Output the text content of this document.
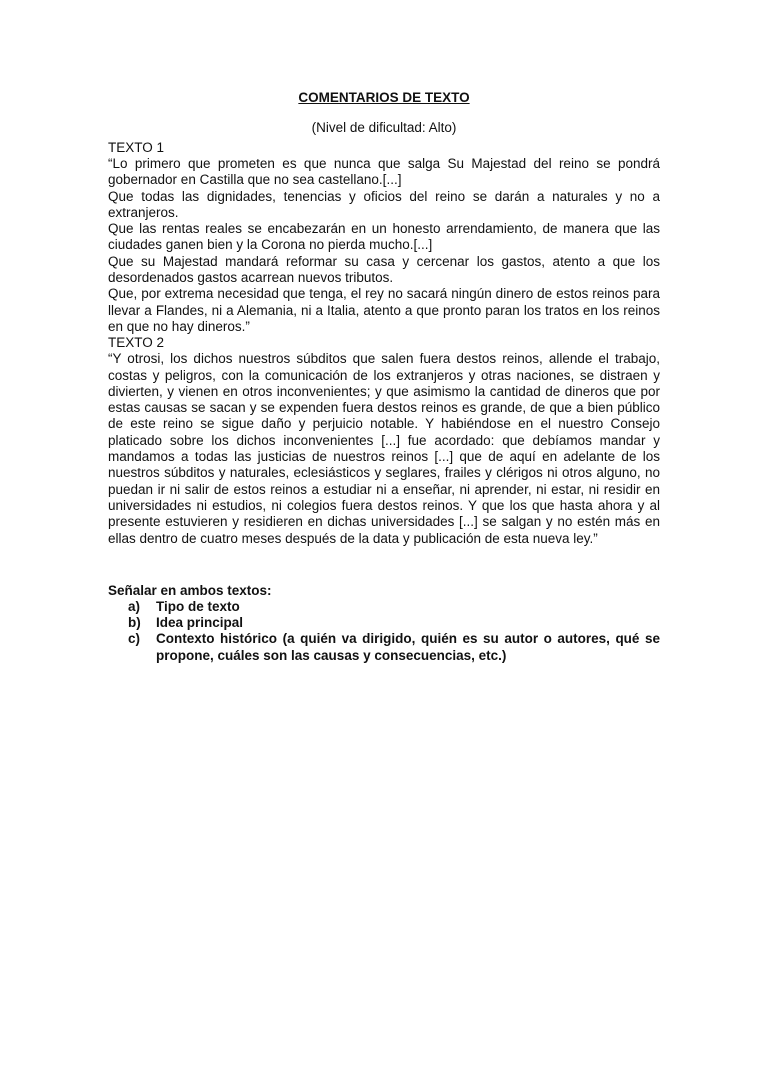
COMENTARIOS DE TEXTO

(Nivel de dificultad: Alto)

TEXTO 1

“Lo primero que prometen es que nunca que salga Su Majestad del reino se pondrá gobernador en Castilla que no sea castellano.[...]

Que todas las dignidades, tenencias y oficios del reino se darán a naturales y no a extranjeros.

Que las rentas reales se encabezarán en un honesto arrendamiento, de manera que las ciudades ganen bien y la Corona no pierda mucho.[...]

Que su Majestad mandará reformar su casa y cercenar los gastos, atento a que los desordenados gastos acarrean nuevos tributos.

Que, por extrema necesidad que tenga, el rey no sacará ningún dinero de estos reinos para llevar a Flandes, ni a Alemania, ni a Italia, atento a que pronto paran los tratos en los reinos en que no hay dineros.”

TEXTO 2

“Y otrosi, los dichos nuestros súbditos que salen fuera destos reinos, allende el trabajo, costas y peligros, con la comunicación de los extranjeros y otras naciones, se distraen y divierten, y vienen en otros inconvenientes; y que asimismo la cantidad de dineros que por estas causas se sacan y se expenden fuera destos reinos es grande, de que a bien público de este reino se sigue daño y perjuicio notable. Y habiéndose en el nuestro Consejo platicado sobre los dichos inconvenientes [...] fue acordado: que debíamos mandar y mandamos a todas las justicias de nuestros reinos [...] que de aquí en adelante de los nuestros súbditos y naturales, eclesiásticos y seglares, frailes y clérigos ni otros alguno, no puedan ir ni salir de estos reinos a estudiar ni a enseñar, ni aprender, ni estar, ni residir en universidades ni estudios, ni colegios fuera destos reinos. Y que los que hasta ahora y al presente estuvieren y residieren en dichas universidades [...] se salgan y no estén más en ellas dentro de cuatro meses después de la data y publicación de esta nueva ley.”

Señalar en ambos textos:

a)	Tipo de texto
b)	Idea principal
c)	Contexto histórico (a quién va dirigido, quién es su autor o autores, qué se propone, cuáles son las causas y consecuencias, etc.)
